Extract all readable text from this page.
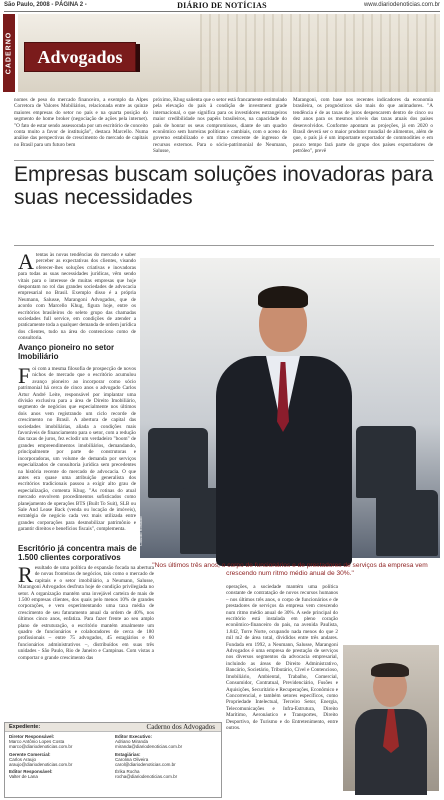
São Paulo, 2008 - PÁGINA 2 -	DIÁRIO DE NOTÍCIAS	www.diariodenoticias.com.br
CADERNO	Advogados
nomes de peso do mercado financeiro, a exemplo da Alpes Corretora de Valores Mobiliários, relacionada entre as quinze maiores empresas do setor no país e na quarta posição do segmento de home broker (negociação de ações pela internet). "O fato de estar sendo assessorada por um escritório de conceito conta muito a favor de instituição", destaca Marcello. Numa análise das perspectivas de crescimento do mercado de capitais no Brasil para um futuro bem
próximo, Khug salienta que o setor está francamente estimulado pela elevação do país à condição de investment grade internacional, o que significa para os investidores estrangeiros maior credibilidade nos papéis brasileiros, na capacidade do país de honrar os seus compromissos, diante de um quadro econômico sem barreiras políticas e cambiais, com o aceno do governo estabilizado e um ritmo crescente de ingresso de recursos externos. Para o sócio-patrimonial de Neumann, Salusse,
Marangoni, com base nos recentes indicadores da economia brasileira, os prognósticos são mais do que animadores. "A tendência é de as taxas de juros despencarem dentro de cinco ou dez anos para os mesmos níveis das taxas atuais dos países desenvolvidos. Conforme apontam as projeções, já em 2020 o Brasil deverá ser o maior produtor mundial de alimentos, além de que, o país já é um importante exportador de commodities e em pouco tempo fará parte do grupo dos países exportadores de petróleo", prevê
Empresas buscam soluções inovadoras para suas necessidades
Atentas às novas tendências do mercado e saber perceber as expectativas dos clientes, visando oferecer-lhes soluções criativas e inovadoras para todas as suas necessidades jurídicas, vêm sendo vitais para o interesse de muitas empresas que hoje despontam no rol das grandes sociedades de advocacia empresarial no Brasil. Exemplo disso é a própria Neumann, Salusse, Marangoni Advogados, que de acordo com Marcello Khug, figura hoje, entre os escritórios brasileiros do seleto grupo das chamadas sociedades full service, em condições de atender a praticamente toda a qualquer demanda de ordem jurídica dos clientes, tudo na área do contencioso como de consultoria.
Avanço pioneiro no setor Imobiliário
Foi com a mesma filosofia de prospecção de novos nichos de mercado que o escritório acumulou avanço pioneiro ao incorporar como sócio patrimonial há cerca de cinco anos o advogado Carlos Artur André Leite, responsável por implantar uma divisão exclusiva para a área de Direito Imobiliário, segmento de negócios que especialmente nos últimos dois anos vem registrando um ciclo recorde de crescimento no Brasil. A abertura de capital das sociedades imobiliárias, aliada a condições mais favoráveis de financiamento para o setor, com a redução das taxas de juros, fez eclodir um verdadeiro "boom" de grandes empreendimentos imobiliários, demandando, principalmente por parte de construtoras e incorporadoras, um volume de demanda por serviços especializados de consultoria jurídica sem precedentes na história recente do mercado de advocacia. O que antes era quase uma atribuição generalista dos escritórios tradicionais passou a exigir alto grau de especialização, comenta Khug. "As rotinas do atual mercado envolvem procedimentos sofisticados como planejamento de operações BTS (Built To Suit), SLB ou Sale And Lease Back (venda ou locação de imóveis), estratégia de negócio cada vez mais utilizada entre grandes corporações para desmobilizar patrimônio e garantir direitos e benefícios fiscais", complementa.
Escritório já concentra mais de 1.500 clientes corporativos
Resultado de uma política de expansão focada na abertura de novas fronteiras de negócios, tais como o mercado de capitais e o setor imobiliário, a Neumann, Salusse, Marangoni Advogados desfruta hoje de condição privilegiada no setor. A organização mantém uma invejável carteira de mais de 1.500 empresas clientes, dos quais pelo menos 10% de grandes corporações, e vem experimentando uma taxa média de crescimento de seu faturamento anual da ordem de 40%, nos últimos cinco anos, enfatiza. Para fazer frente ao seu amplo plano de estruturação, o escritório mantém atualmente um quadro de funcionários e colaboradores de cerca de 180 profissionais – entre 75 advogados, 45 estagiários e 60 funcionários administrativos –, distribuídos em suas três unidades - São Paulo, Rio de Janeiro e Campinas. Com vistas a comportar o grande crescimento das
Claudio Ronaldo
"Nos últimos três anos, o corpo de funcionários e de prestadores de serviços da empresa vem crescendo num ritmo médio anual de 30%."
operações, a sociedade mantém uma política constante de contratação de novos recursos humanos – nos últimos três anos, o corpo de funcionários e de prestadores de serviços da empresa vem crescendo num ritmo médio anual de 30%. A sede principal do escritório está instalada em pleno coração econômico-financeiro do país, na avenida Paulista, 1.842, Torre Norte, ocupando nada menos do que 2 mil m2 de área total, divididos entre três andares. Fundada em 1992, a Neumann, Salusse, Marangoni Advogados é uma empresa de prestação de serviços nos diversos segmentos da advocacia empresarial, incluindo as áreas de Direito Administrativo, Bancário, Societário, Tributário, Cível e Contencioso, Imobiliário, Ambiental, Trabalho, Comercial, Consumidor, Contratual, Previdenciário, Fusões e Aquisições, Securitário e Recuperações, Econômico e Concorrencial, e também setores específicos, como Propriedade Intelectual, Terceiro Setor, Energia, Telecomunicações e Infra-Estrutura, Direito Marítimo, Aeronáutico e Transportes, Direito Desportivo, de Turismo e do Entretenimento, entre outros.
Expediente:	Caderno dos Advogados
Diretor Responsável:
Marco Antônio Lopes Costa
marco@diariodenoticias.com.br
Gerente Comercial:
Carlos Araujo
araujo@diariodenoticias.com.br
Editor Responsável:
Valter de Lana
Editor Executivo:
Adriano Miranda
miranda@diariodenoticias.com.br
Estagiárias:
Carolina Oliveira
carol@diariodenoticias.com.br
Érika Rocha
rocha@diariodenoticias.com.br
